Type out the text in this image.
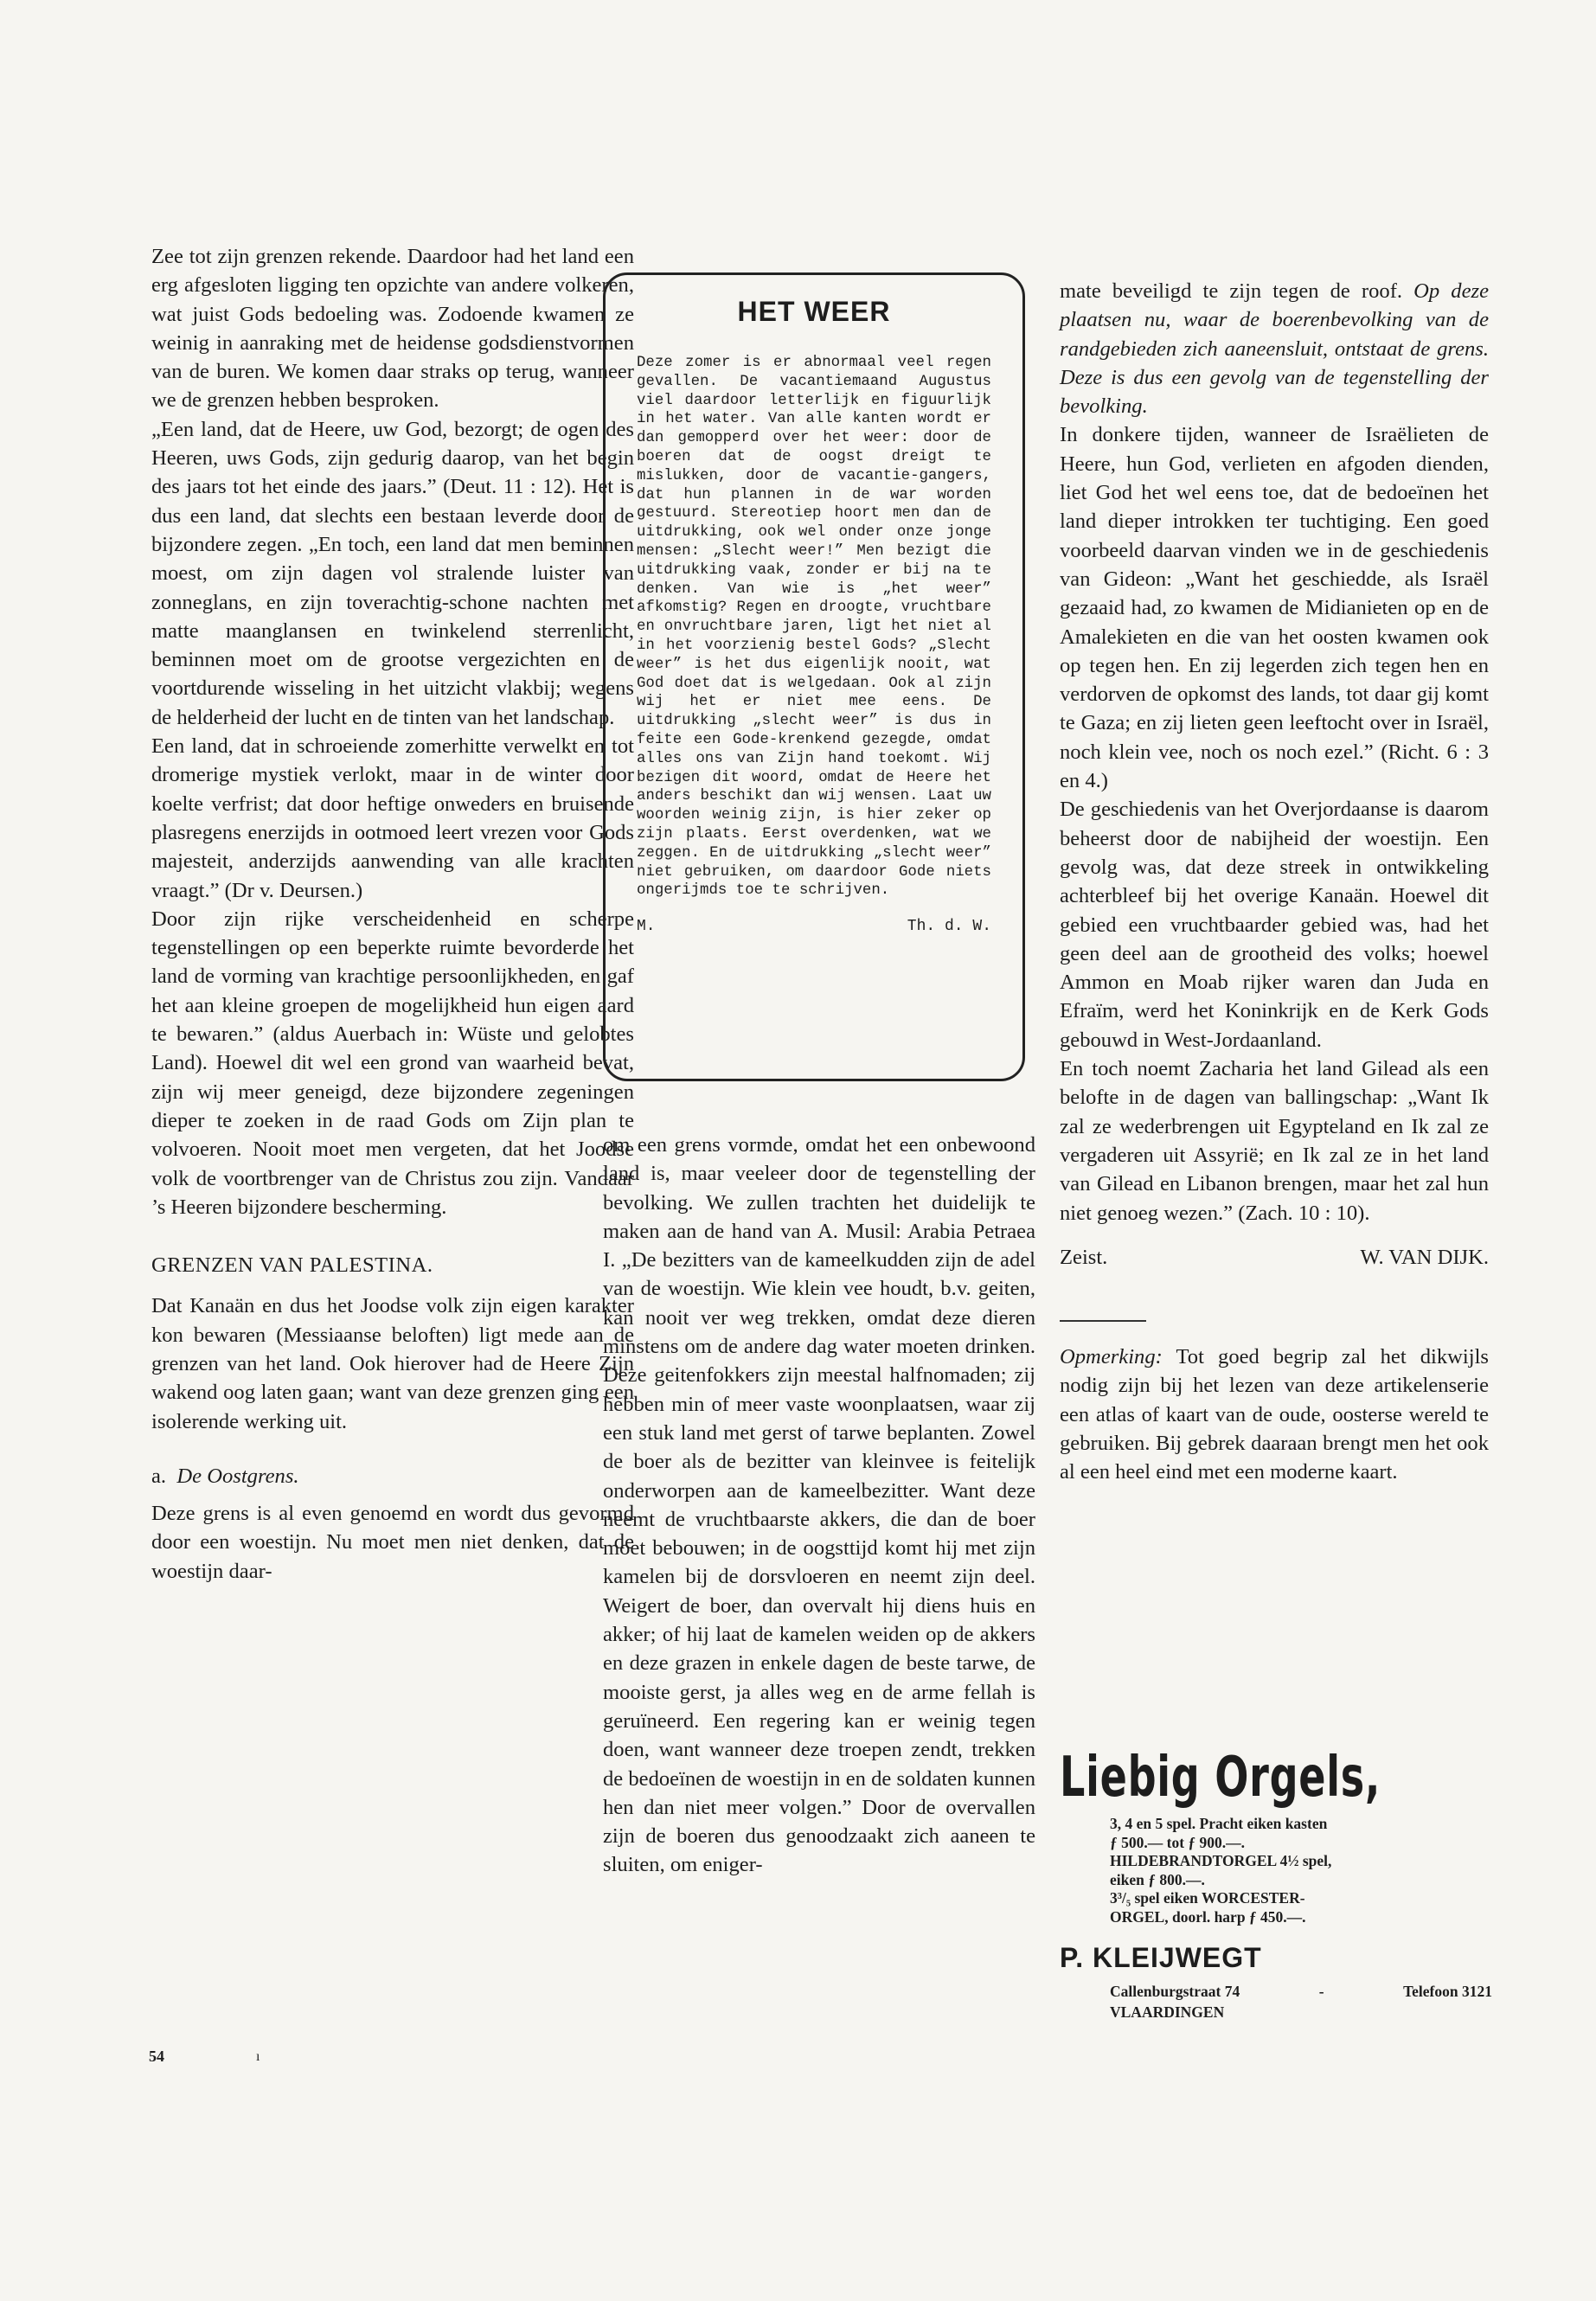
Zee tot zijn grenzen rekende. Daardoor had het land een erg afgesloten ligging ten opzichte van andere volkeren, wat juist Gods bedoeling was. Zodoende kwamen ze weinig in aanraking met de heidense godsdienstvormen van de buren. We komen daar straks op terug, wanneer we de grenzen hebben besproken.

„Een land, dat de Heere, uw God, bezorgt; de ogen des Heeren, uws Gods, zijn gedurig daarop, van het begin des jaars tot het einde des jaars.” (Deut. 11 : 12). Het is dus een land, dat slechts een bestaan leverde door de bijzondere zegen. „En toch, een land dat men beminnen moest, om zijn dagen vol stralende luister van zonneglans, en zijn toverachtig-schone nachten met matte maanglansen en twinkelend sterrenlicht, beminnen moet om de grootse vergezichten en de voortdurende wisseling in het uitzicht vlakbij; wegens de helderheid der lucht en de tinten van het landschap.

Een land, dat in schroeiende zomerhitte verwelkt en tot dromerige mystiek verlokt, maar in de winter door koelte verfrist; dat door heftige onweders en bruisende plasregens enerzijds in ootmoed leert vrezen voor Gods majesteit, anderzijds aanwending van alle krachten vraagt.” (Dr v. Deursen.)

Door zijn rijke verscheidenheid en scherpe tegenstellingen op een beperkte ruimte bevorderde het land de vorming van krachtige persoonlijkheden, en gaf het aan kleine groepen de mogelijkheid hun eigen aard te bewaren.” (aldus Auerbach in: Wüste und gelobtes Land). Hoewel dit wel een grond van waarheid bevat, zijn wij meer geneigd, deze bijzondere zegeningen dieper te zoeken in de raad Gods om Zijn plan te volvoeren. Nooit moet men vergeten, dat het Joodse volk de voortbrenger van de Christus zou zijn. Vandaar ’s Heeren bijzondere bescherming.

GRENZEN VAN PALESTINA.

Dat Kanaän en dus het Joodse volk zijn eigen karakter kon bewaren (Messiaanse beloften) ligt mede aan de grenzen van het land. Ook hierover had de Heere Zijn wakend oog laten gaan; want van deze grenzen ging een isolerende werking uit.

a. De Oostgrens.

Deze grens is al even genoemd en wordt dus gevormd door een woestijn. Nu moet men niet denken, dat de woestijn daar-

HET WEER

Deze zomer is er abnormaal veel regen gevallen. De vacantiemaand Augustus viel daardoor letterlijk en figuurlijk in het water. Van alle kanten wordt er dan gemopperd over het weer: door de boeren dat de oogst dreigt te mislukken, door de vacantie-gangers, dat hun plannen in de war worden gestuurd. Stereotiep hoort men dan de uitdrukking, ook wel onder onze jonge mensen: „Slecht weer!” Men bezigt die uitdrukking vaak, zonder er bij na te denken. Van wie is „het weer” afkomstig? Regen en droogte, vruchtbare en onvruchtbare jaren, ligt het niet al in het voorzienig bestel Gods? „Slecht weer” is het dus eigenlijk nooit, wat God doet dat is welgedaan. Ook al zijn wij het er niet mee eens. De uitdrukking „slecht weer” is dus in feite een Gode-krenkend gezegde, omdat alles ons van Zijn hand toekomt. Wij bezigen dit woord, omdat de Heere het anders beschikt dan wij wensen. Laat uw woorden weinig zijn, is hier zeker op zijn plaats. Eerst overdenken, wat we zeggen. En de uitdrukking „slecht weer” niet gebruiken, om daardoor Gode niets ongerijmds toe te schrijven.

M.	Th. d. W.

om een grens vormde, omdat het een onbewoond land is, maar veeleer door de tegenstelling der bevolking. We zullen trachten het duidelijk te maken aan de hand van A. Musil: Arabia Petraea I. „De bezitters van de kameelkudden zijn de adel van de woestijn. Wie klein vee houdt, b.v. geiten, kan nooit ver weg trekken, omdat deze dieren minstens om de andere dag water moeten drinken. Deze geitenfokkers zijn meestal halfnomaden; zij hebben min of meer vaste woonplaatsen, waar zij een stuk land met gerst of tarwe beplanten. Zowel de boer als de bezitter van kleinvee is feitelijk onderworpen aan de kameelbezitter. Want deze neemt de vruchtbaarste akkers, die dan de boer moet bebouwen; in de oogsttijd komt hij met zijn kamelen bij de dorsvloeren en neemt zijn deel. Weigert de boer, dan overvalt hij diens huis en akker; of hij laat de kamelen weiden op de akkers en deze grazen in enkele dagen de beste tarwe, de mooiste gerst, ja alles weg en de arme fellah is geruïneerd. Een regering kan er weinig tegen doen, want wanneer deze troepen zendt, trekken de bedoeïnen de woestijn in en de soldaten kunnen hen dan niet meer volgen.” Door de overvallen zijn de boeren dus genoodzaakt zich aaneen te sluiten, om eniger-

mate beveiligd te zijn tegen de roof. Op deze plaatsen nu, waar de boerenbevolking van de randgebieden zich aaneensluit, ontstaat de grens. Deze is dus een gevolg van de tegenstelling der bevolking.

In donkere tijden, wanneer de Israëlieten de Heere, hun God, verlieten en afgoden dienden, liet God het wel eens toe, dat de bedoeïnen het land dieper introkken ter tuchtiging. Een goed voorbeeld daarvan vinden we in de geschiedenis van Gideon: „Want het geschiedde, als Israël gezaaid had, zo kwamen de Midianieten op en de Amalekieten en die van het oosten kwamen ook op tegen hen. En zij legerden zich tegen hen en verdorven de opkomst des lands, tot daar gij komt te Gaza; en zij lieten geen leeftocht over in Israël, noch klein vee, noch os noch ezel.” (Richt. 6 : 3 en 4.)

De geschiedenis van het Overjordaanse is daarom beheerst door de nabijheid der woestijn. Een gevolg was, dat deze streek in ontwikkeling achterbleef bij het overige Kanaän. Hoewel dit gebied een vruchtbaarder gebied was, had het geen deel aan de grootheid des volks; hoewel Ammon en Moab rijker waren dan Juda en Efraïm, werd het Koninkrijk en de Kerk Gods gebouwd in West-Jordaanland.

En toch noemt Zacharia het land Gilead als een belofte in de dagen van ballingschap: „Want Ik zal ze wederbrengen uit Egypteland en Ik zal ze vergaderen uit Assyrië; en Ik zal ze in het land van Gilead en Libanon brengen, maar het zal hun niet genoeg wezen.” (Zach. 10 : 10).

Zeist.	W. VAN DIJK.

Opmerking: Tot goed begrip zal het dikwijls nodig zijn bij het lezen van deze artikelenserie een atlas of kaart van de oude, oosterse wereld te gebruiken. Bij gebrek daaraan brengt men het ook al een heel eind met een moderne kaart.

Liebig Orgels,
3, 4 en 5 spel. Pracht eiken kasten
ƒ 500.— tot ƒ 900.—.
HILDEBRANDTORGEL 4½ spel,
eiken ƒ 800.—.
3³/₅ spel eiken WORCESTER-
ORGEL, doorl. harp ƒ 450.—.
P. KLEIJWEGT
Callenburgstraat 74	-	Telefoon 3121
VLAARDINGEN
54	ı
